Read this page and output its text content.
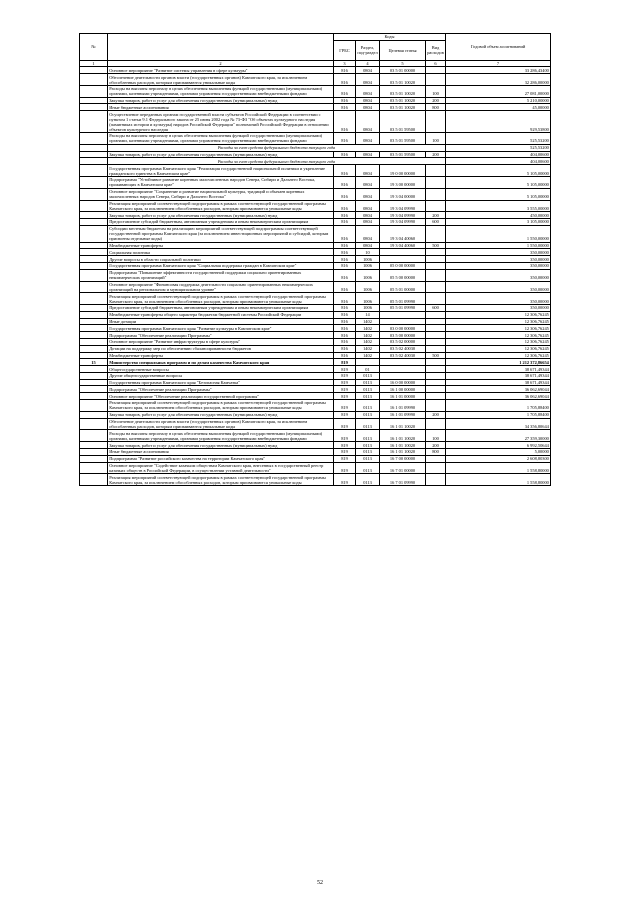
№		Коды				Годовой объем ассигнований
		ГРБС	Раздел, под-раздел	Целевая статья	Вид расходов	
1	2	3	4	5	6	7
	Основное мероприятие "Развитие системы управления в сфере культуры"	816	0804	03 5 01 00000		33 286,43400
	Обеспечение деятельности органов власти (государственных органов) Камчатского края, за исключением обособленных расходов, которым присваиваются уникальные коды	816	0804	03 5 01 10020		32 286,00000
	Расходы на выплаты персоналу в целях обеспечения выполнения функций государственными (муниципальными) органами, казенными учреждениями, органами управления государственными внебюджетными фондами	816	0804	03 5 01 10020	100	27 081,00000
	Закупка товаров, работ и услуг для обеспечения государственных (муниципальных) нужд	816	0804	03 5 01 10020	200	5 210,00000
	Иные бюджетные ассигнования	816	0804	03 5 01 10020	800	45,00000
	Осуществление переданных органам государственной власти субъектов Российской Федерации в соответствии с пунктом 1 статьи 9.1 Федерального закона от 25 июня 2002 года № 73-ФЗ "Об объектах культурного наследия (памятниках истории и культуры) народов Российской Федерации" полномочий Российской Федерации в отношении объектов культурного наследия	816	0804	03 5 01 59500		929,53800
	Расходы на выплаты персоналу в целях обеспечения выполнения функций государственными (муниципальными) органами, казенными учреждениями, органами управления государственными внебюджетными фондами	816	0804	03 5 01 59500	100	525,53200
	Расходы за счет средств федерального бюджета текущего года					525,53200
	Закупка товаров, работ и услуг для обеспечения государственных (муниципальных) нужд	816	0804	03 5 01 59500	200	404,00600
	Расходы за счет средств федерального бюджета текущего года					404,00600
	Государственная программа Камчатского края "Реализация государственной национальной политики и укрепление гражданского единства в Камчатском крае"	816	0804	19 0 00 00000		5 105,00000
	Подпрограмма "Устойчивое развитие коренных малочисленных народов Севера, Сибири и Дальнего Востока, проживающих в Камчатском крае"	816	0804	19 3 00 00000		5 105,00000
	Основное мероприятие "Сохранение и развитие национальной культуры, традиций и обычаев коренных малочисленных народов Севера, Сибири и Дальнего Востока"	816	0804	19 3 04 00000		5 105,00000
	Реализация мероприятий соответствующей подпрограммы в рамках соответствующей государственной программы Камчатского края, за исключением обособленных расходов, которым присваиваются уникальные коды	816	0804	19 3 04 09990		3 555,00000
	Закупка товаров, работ и услуг для обеспечения государственных (муниципальных) нужд	816	0804	19 3 04 09990	200	450,00000
	Предоставление субсидий бюджетным, автономным учреждениям и иным некоммерческим организациям	816	0804	19 3 04 09990	600	3 105,00000
	Субсидии местным бюджетам на реализацию мероприятий соответствующей подпрограммы соответствующей государственной программы Камчатского края (за исключением инвестиционных мероприятий и субсидий, которым присвоены отдельные коды)	816	0804	19 3 04 40060		1 550,00000
	Межбюджетные трансферты	816	0804	19 3 04 40060	500	1 550,00000
	Социальная политика	816	10			350,00000
	Другие вопросы в области социальной политики	816	1006			350,00000
	Государственная программа Камчатского края "Социальная поддержка граждан в Камчатском крае"	816	1006	05 0 00 00000		350,00000
	Подпрограмма "Повышение эффективности государственной поддержки социально ориентированных некоммерческих организаций"	816	1006	05 5 00 00000		350,00000
	Основное мероприятие "Финансовая поддержка деятельности социально ориентированных некоммерческих организаций на региональном и муниципальном уровне"	816	1006	05 5 01 00000		350,00000
	Реализация мероприятий соответствующей подпрограммы в рамках соответствующей государственной программы Камчатского края, за исключением обособленных расходов, которым присваиваются уникальные коды	816	1006	05 5 01 09990		350,00000
	Предоставление субсидий бюджетным, автономным учреждениям и иным некоммерческим организациям	816	1006	05 5 01 09990	600	350,00000
	Межбюджетные трансферты общего характера бюджетам бюджетной системы Российской Федерации	816	14			12 306,76245
	Иные дотации	816	1402			12 306,76245
	Государственная программа Камчатского края "Развитие культуры в Камчатском крае"	816	1402	03 0 00 00000		12 306,76245
	Подпрограмма "Обеспечение реализации Программы"	816	1402	03 5 00 00000		12 306,76245
	Основное мероприятие "Развитие инфраструктуры в сфере культуры"	816	1402	03 5 02 00000		12 306,76245
	Дотации на поддержку мер по обеспечению сбалансированности бюджетов	816	1402	03 5 02 40030		12 306,76245
	Межбюджетные трансферты	816	1402	03 5 02 40030	500	12 306,76245
15	Министерство специальных программ и по делам казачества Камчатского края	819				1 212 372,86654
	Общегосударственные вопросы	819	01			38 671,49344
	Другие общегосударственные вопросы	819	0113			38 671,49344
	Государственная программа Камчатского края "Безопасная Камчатка"	819	0113	16 0 00 00000		38 671,49344
	Подпрограмма "Обеспечение реализации Программы"	819	0113	16 1 00 00000		36 062,69044
	Основное мероприятие "Обеспечение реализации государственной программы"	819	0113	16 1 01 00000		36 062,69044
	Реализация мероприятий соответствующей подпрограммы в рамках соответствующей государственной программы Камчатского края, за исключением обособленных расходов, которым присваиваются уникальные коды	819	0113	16 1 01 09990		1 705,88400
	Закупка товаров, работ и услуг для обеспечения государственных (муниципальных) нужд	819	0113	16 1 01 09990	200	1 705,88400
	Обеспечение деятельности органов власти (государственных органов) Камчатского края, за исключением обособленных расходов, которым присваиваются уникальные коды	819	0113	16 1 01 10020		34 356,80644
	Расходы на выплаты персоналу в целях обеспечения выполнения функций государственными (муниципальными) органами, казенными учреждениями, органами управления государственными внебюджетными фондами	819	0113	16 1 01 10020	100	27 359,30000
	Закупка товаров, работ и услуг для обеспечения государственных (муниципальных) нужд	819	0113	16 1 01 10020	200	6 992,50644
	Иные бюджетные ассигнования	819	0113	16 1 01 10020	800	5,00000
	Подпрограмма "Развитие российского казачества на территории Камчатского края"	819	0113	16 7 00 00000		2 608,80300
	Основное мероприятие "Содействие казачьим обществам Камчатского края, внесенных в государственный реестр казачьих обществ в Российской Федерации, в осуществлении уставной деятельности"	819	0113	16 7 01 00000		1 558,80000
	Реализация мероприятий соответствующей подпрограммы в рамках соответствующей государственной программы Камчатского края, за исключением обособленных расходов, которым присваиваются уникальные коды	819	0113	16 7 01 09990		1 558,80000
52
